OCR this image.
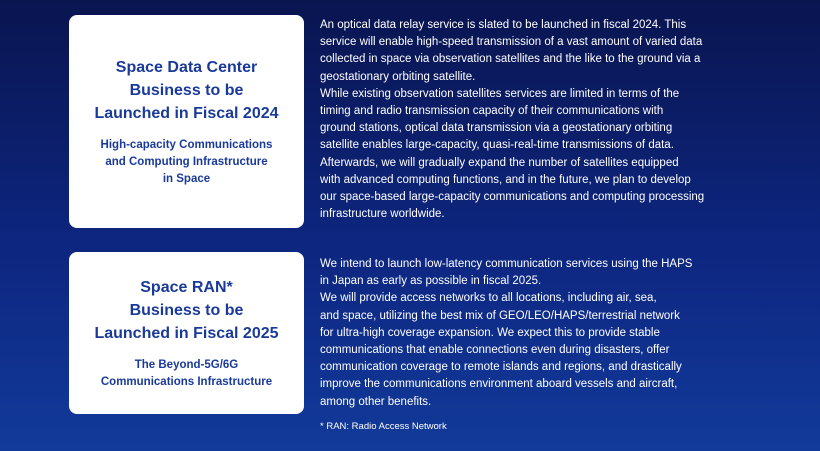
Space Data Center
Business to be
Launched in Fiscal 2024
High-capacity Communications
and Computing Infrastructure
in Space

An optical data relay service is slated to be launched in fiscal 2024. This

service will enable high-speed transmission of a vast amount of varied data

collected in space via observation satellites and the like to the ground via a

geostationary orbiting satellite.

While existing observation satellites services are limited in terms of the

timing and radio transmission capacity of their communications with

ground stations, optical data transmission via a geostationary orbiting

satellite enables large-capacity, quasi-real-time transmissions of data.

Afterwards, we will gradually expand the number of satellites equipped

with advanced computing functions, and in the future, we plan to develop

our space-based large-capacity communications and computing processing

infrastructure worldwide.

Space RAN*
Business to be
Launched in Fiscal 2025
The Beyond-5G/6G
Communications Infrastructure

We intend to launch low-latency communication services using the HAPS

in Japan as early as possible in fiscal 2025.

We will provide access networks to all locations, including air, sea,

and space, utilizing the best mix of GEO/LEO/HAPS/terrestrial network

for ultra-high coverage expansion. We expect this to provide stable

communications that enable connections even during disasters, offer

communication coverage to remote islands and regions, and drastically

improve the communications environment aboard vessels and aircraft,

among other benefits.

* RAN: Radio Access Network
